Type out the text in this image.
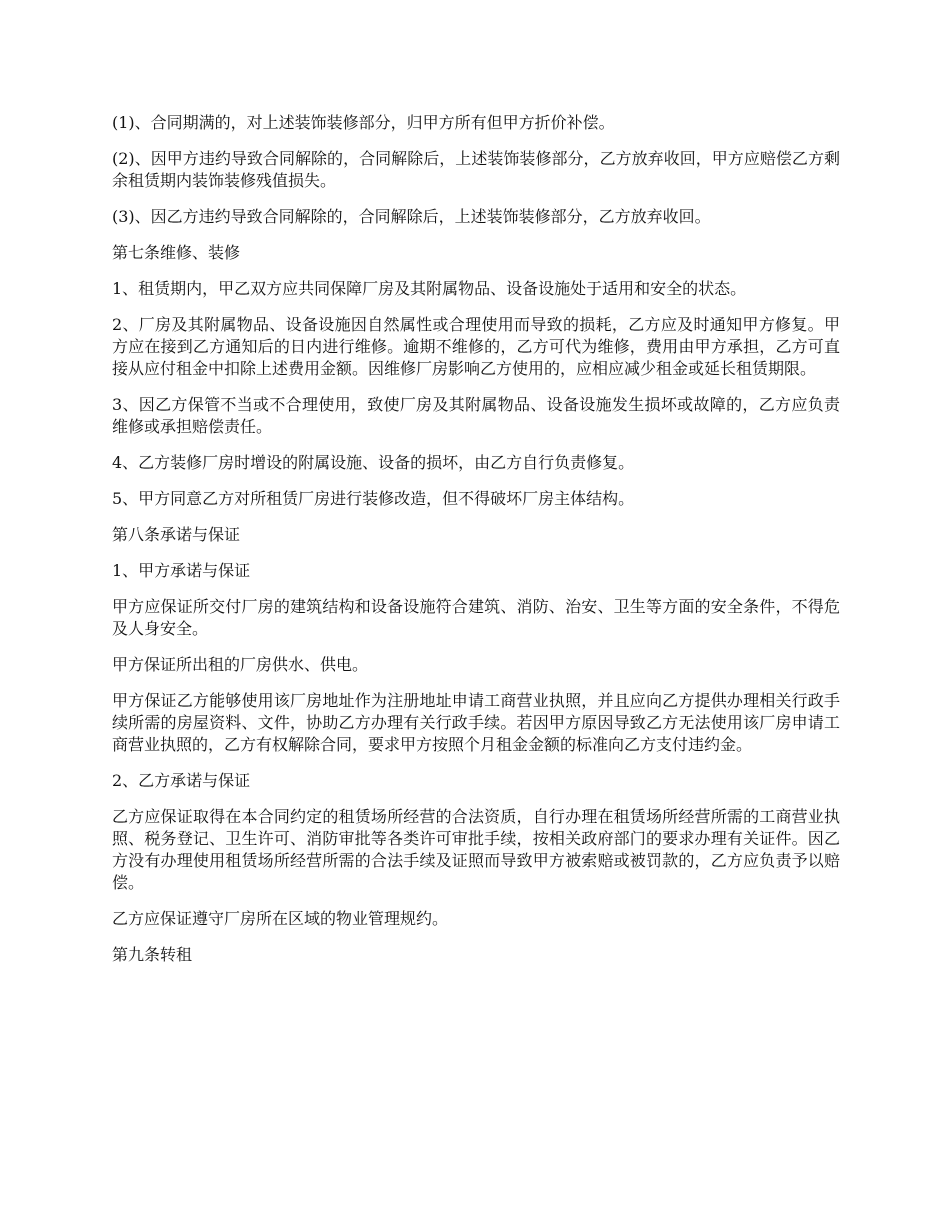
(1)、合同期满的，对上述装饰装修部分，归甲方所有但甲方折价补偿。

(2)、因甲方违约导致合同解除的，合同解除后，上述装饰装修部分，乙方放弃收回，甲方应赔偿乙方剩余租赁期内装饰装修残值损失。

(3)、因乙方违约导致合同解除的，合同解除后，上述装饰装修部分，乙方放弃收回。

第七条维修、装修

1、租赁期内，甲乙双方应共同保障厂房及其附属物品、设备设施处于适用和安全的状态。

2、厂房及其附属物品、设备设施因自然属性或合理使用而导致的损耗，乙方应及时通知甲方修复。甲方应在接到乙方通知后的日内进行维修。逾期不维修的，乙方可代为维修，费用由甲方承担，乙方可直接从应付租金中扣除上述费用金额。因维修厂房影响乙方使用的，应相应减少租金或延长租赁期限。

3、因乙方保管不当或不合理使用，致使厂房及其附属物品、设备设施发生损坏或故障的，乙方应负责维修或承担赔偿责任。

4、乙方装修厂房时增设的附属设施、设备的损坏，由乙方自行负责修复。

5、甲方同意乙方对所租赁厂房进行装修改造，但不得破坏厂房主体结构。

第八条承诺与保证

1、甲方承诺与保证

甲方应保证所交付厂房的建筑结构和设备设施符合建筑、消防、治安、卫生等方面的安全条件，不得危及人身安全。

甲方保证所出租的厂房供水、供电。

甲方保证乙方能够使用该厂房地址作为注册地址申请工商营业执照，并且应向乙方提供办理相关行政手续所需的房屋资料、文件，协助乙方办理有关行政手续。若因甲方原因导致乙方无法使用该厂房申请工商营业执照的，乙方有权解除合同，要求甲方按照个月租金金额的标准向乙方支付违约金。

2、乙方承诺与保证

乙方应保证取得在本合同约定的租赁场所经营的合法资质，自行办理在租赁场所经营所需的工商营业执照、税务登记、卫生许可、消防审批等各类许可审批手续，按相关政府部门的要求办理有关证件。因乙方没有办理使用租赁场所经营所需的合法手续及证照而导致甲方被索赔或被罚款的，乙方应负责予以赔偿。

乙方应保证遵守厂房所在区域的物业管理规约。

第九条转租
